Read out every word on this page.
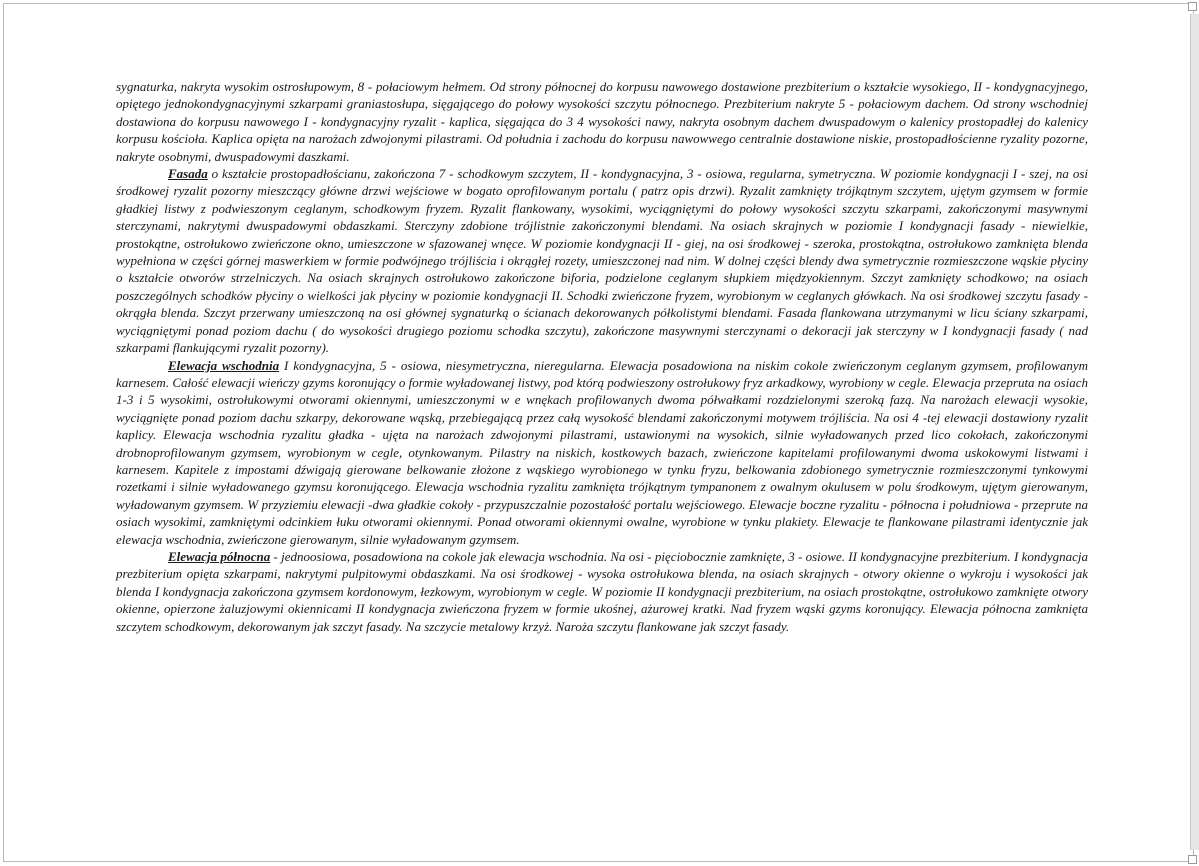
sygnaturka, nakryta wysokim ostrosłupowym, 8 - połaciowym hełmem. Od strony północnej do korpusu nawowego dostawione prezbiterium o kształcie wysokiego, II - kondygnacyjnego, opiętego jednokondygnacyjnymi szkarpami graniastosłupa, sięgającego do połowy wysokości szczytu północnego. Prezbiterium nakryte 5 - połaciowym dachem. Od strony wschodniej dostawiona do korpusu nawowego I - kondygnacyjny ryzalit - kaplica, sięgająca do 3 4 wysokości nawy, nakryta osobnym dachem dwuspadowym o kalenicy prostopadłej do kalenicy korpusu kościoła. Kaplica opięta na narożach zdwojonymi pilastrami. Od południa i zachodu do korpusu nawowwego centralnie dostawione niskie, prostopadłościenne ryzality pozorne, nakryte osobnymi, dwuspadowymi daszkami.

Fasada o kształcie prostopadłościanu, zakończona 7 - schodkowym szczytem, II - kondygnacyjna, 3 - osiowa, regularna, symetryczna. W poziomie kondygnacji I - szej, na osi środkowej ryzalit pozorny mieszczący główne drzwi wejściowe w bogato oprofilowanym portalu ( patrz opis drzwi). Ryzalit zamknięty trójkątnym szczytem, ujętym gzymsem w formie gładkiej listwy z podwieszonym ceglanym, schodkowym fryzem. Ryzalit flankowany, wysokimi, wyciągniętymi do połowy wysokości szczytu szkarpami, zakończonymi masywnymi sterczynami, nakrytymi dwuspadowymi obdaszkami. Sterczyny zdobione trójlistnie zakończonymi blendami. Na osiach skrajnych w poziomie I kondygnacji fasady - niewielkie, prostokątne, ostrołukowo zwieńczone okno, umieszczone w sfazowanej wnęce. W poziomie kondygnacji II - giej, na osi środkowej - szeroka, prostokątna, ostrołukowo zamknięta blenda wypełniona w części górnej maswerkiem w formie podwójnego trójliścia i okrągłej rozety, umieszczonej nad nim. W dolnej części blendy dwa symetrycznie rozmieszczone wąskie płyciny o kształcie otworów strzelniczych. Na osiach skrajnych ostrołukowo zakończone biforia, podzielone ceglanym słupkiem międzyokiennym. Szczyt zamknięty schodkowo; na osiach poszczególnych schodków płyciny o wielkości jak płyciny w poziomie kondygnacji II. Schodki zwieńczone fryzem, wyrobionym w ceglanych główkach. Na osi środkowej szczytu fasady - okrągła blenda. Szczyt przerwany umieszczoną na osi głównej sygnaturką o ścianach dekorowanych półkolistymi blendami. Fasada flankowana utrzymanymi w licu ściany szkarpami, wyciągniętymi ponad poziom dachu ( do wysokości drugiego poziomu schodka szczytu), zakończone masywnymi sterczynami o dekoracji jak sterczyny w I kondygnacji fasady ( nad szkarpami flankującymi ryzalit pozorny).

Elewacja wschodnia I kondygnacyjna, 5 - osiowa, niesymetryczna, nieregularna. Elewacja posadowiona na niskim cokole zwieńczonym ceglanym gzymsem, profilowanym karnesem. Całość elewacji wieńczy gzyms koronujący o formie wyładowanej listwy, pod którą podwieszony ostrołukowy fryz arkadkowy, wyrobiony w cegle. Elewacja przepruta na osiach 1-3 i 5 wysokimi, ostrołukowymi otworami okiennymi, umieszczonymi w e wnękach profilowanych dwoma półwałkami rozdzielonymi szeroką fazą. Na narożach elewacji wysokie, wyciągnięte ponad poziom dachu szkarpy, dekorowane wąską, przebiegającą przez całą wysokość blendami zakończonymi motywem trójliścia. Na osi 4 -tej elewacji dostawiony ryzalit kaplicy. Elewacja wschodnia ryzalitu gładka - ujęta na narożach zdwojonymi pilastrami, ustawionymi na wysokich, silnie wyładowanych przed lico cokołach, zakończonymi drobnoprofilowanym gzymsem, wyrobionym w cegle, otynkowanym. Pilastry na niskich, kostkowych bazach, zwieńczone kapitelami profilowanymi dwoma uskokowymi listwami i karnesem. Kapitele z impostami dźwigają gierowane belkowanie złożone z wąskiego wyrobionego w tynku fryzu, belkowania zdobionego symetrycznie rozmieszczonymi tynkowymi rozetkami i silnie wyładowanego gzymsu koronującego. Elewacja wschodnia ryzalitu zamknięta trójkątnym tympanonem z owalnym okulusem w polu środkowym, ujętym gierowanym, wyładowanym gzymsem. W przyziemiu elewacji -dwa gładkie cokoły - przypuszczalnie pozostałość portalu wejściowego. Elewacje boczne ryzalitu - północna i południowa - przeprute na osiach wysokimi, zamkniętymi odcinkiem łuku otworami okiennymi. Ponad otworami okiennymi owalne, wyrobione w tynku plakiety. Elewacje te flankowane pilastrami identycznie jak elewacja wschodnia, zwieńczone gierowanym, silnie wyładowanym gzymsem.

Elewacja północna - jednoosiowa, posadowiona na cokole jak elewacja wschodnia. Na osi - pięciobocznie zamknięte, 3 - osiowe. II kondygnacyjne prezbiterium. I kondygnacja prezbiterium opięta szkarpami, nakrytymi pulpitowymi obdaszkami. Na osi środkowej - wysoka ostrołukowa blenda, na osiach skrajnych - otwory okienne o wykroju i wysokości jak blenda I kondygnacja zakończona gzymsem kordonowym, łezkowym, wyrobionym w cegle. W poziomie II kondygnacji prezbiterium, na osiach prostokątne, ostrołukowo zamknięte otwory okienne, opierzone żaluzjowymi okiennicami II kondygnacja zwieńczona fryzem w formie ukośnej, ażurowej kratki. Nad fryzem wąski gzyms koronujący. Elewacja północna zamknięta szczytem schodkowym, dekorowanym jak szczyt fasady. Na szczycie metalowy krzyż. Naroża szczytu flankowane jak szczyt fasady.
